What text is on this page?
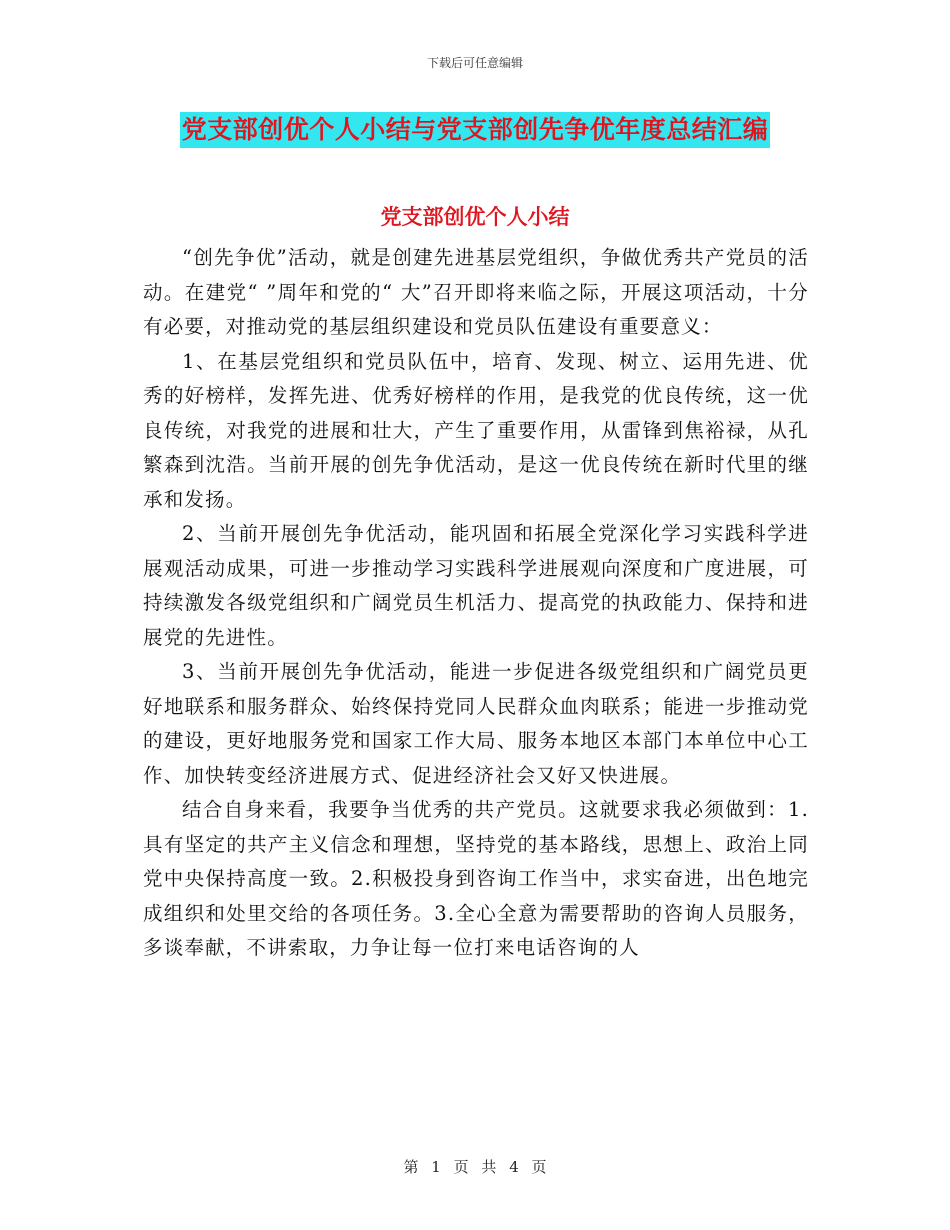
下载后可任意编辑
党支部创优个人小结与党支部创先争优年度总结汇编
党支部创优个人小结

“创先争优”活动，就是创建先进基层党组织，争做优秀共产党员的活动。在建党“ ”周年和党的“ 大”召开即将来临之际，开展这项活动，十分有必要，对推动党的基层组织建设和党员队伍建设有重要意义：

1、在基层党组织和党员队伍中，培育、发现、树立、运用先进、优秀的好榜样，发挥先进、优秀好榜样的作用，是我党的优良传统，这一优良传统，对我党的进展和壮大，产生了重要作用，从雷锋到焦裕禄，从孔繁森到沈浩。当前开展的创先争优活动，是这一优良传统在新时代里的继承和发扬。

2、当前开展创先争优活动，能巩固和拓展全党深化学习实践科学进展观活动成果，可进一步推动学习实践科学进展观向深度和广度进展，可持续激发各级党组织和广阔党员生机活力、提高党的执政能力、保持和进展党的先进性。

3、当前开展创先争优活动，能进一步促进各级党组织和广阔党员更好地联系和服务群众、始终保持党同人民群众血肉联系；能进一步推动党的建设，更好地服务党和国家工作大局、服务本地区本部门本单位中心工作、加快转变经济进展方式、促进经济社会又好又快进展。

结合自身来看，我要争当优秀的共产党员。这就要求我必须做到：1.具有坚定的共产主义信念和理想，坚持党的基本路线，思想上、政治上同党中央保持高度一致。2.积极投身到咨询工作当中，求实奋进，出色地完成组织和处里交给的各项任务。3.全心全意为需要帮助的咨询人员服务，多谈奉献，不讲索取，力争让每一位打来电话咨询的人

第 1 页 共 4 页
